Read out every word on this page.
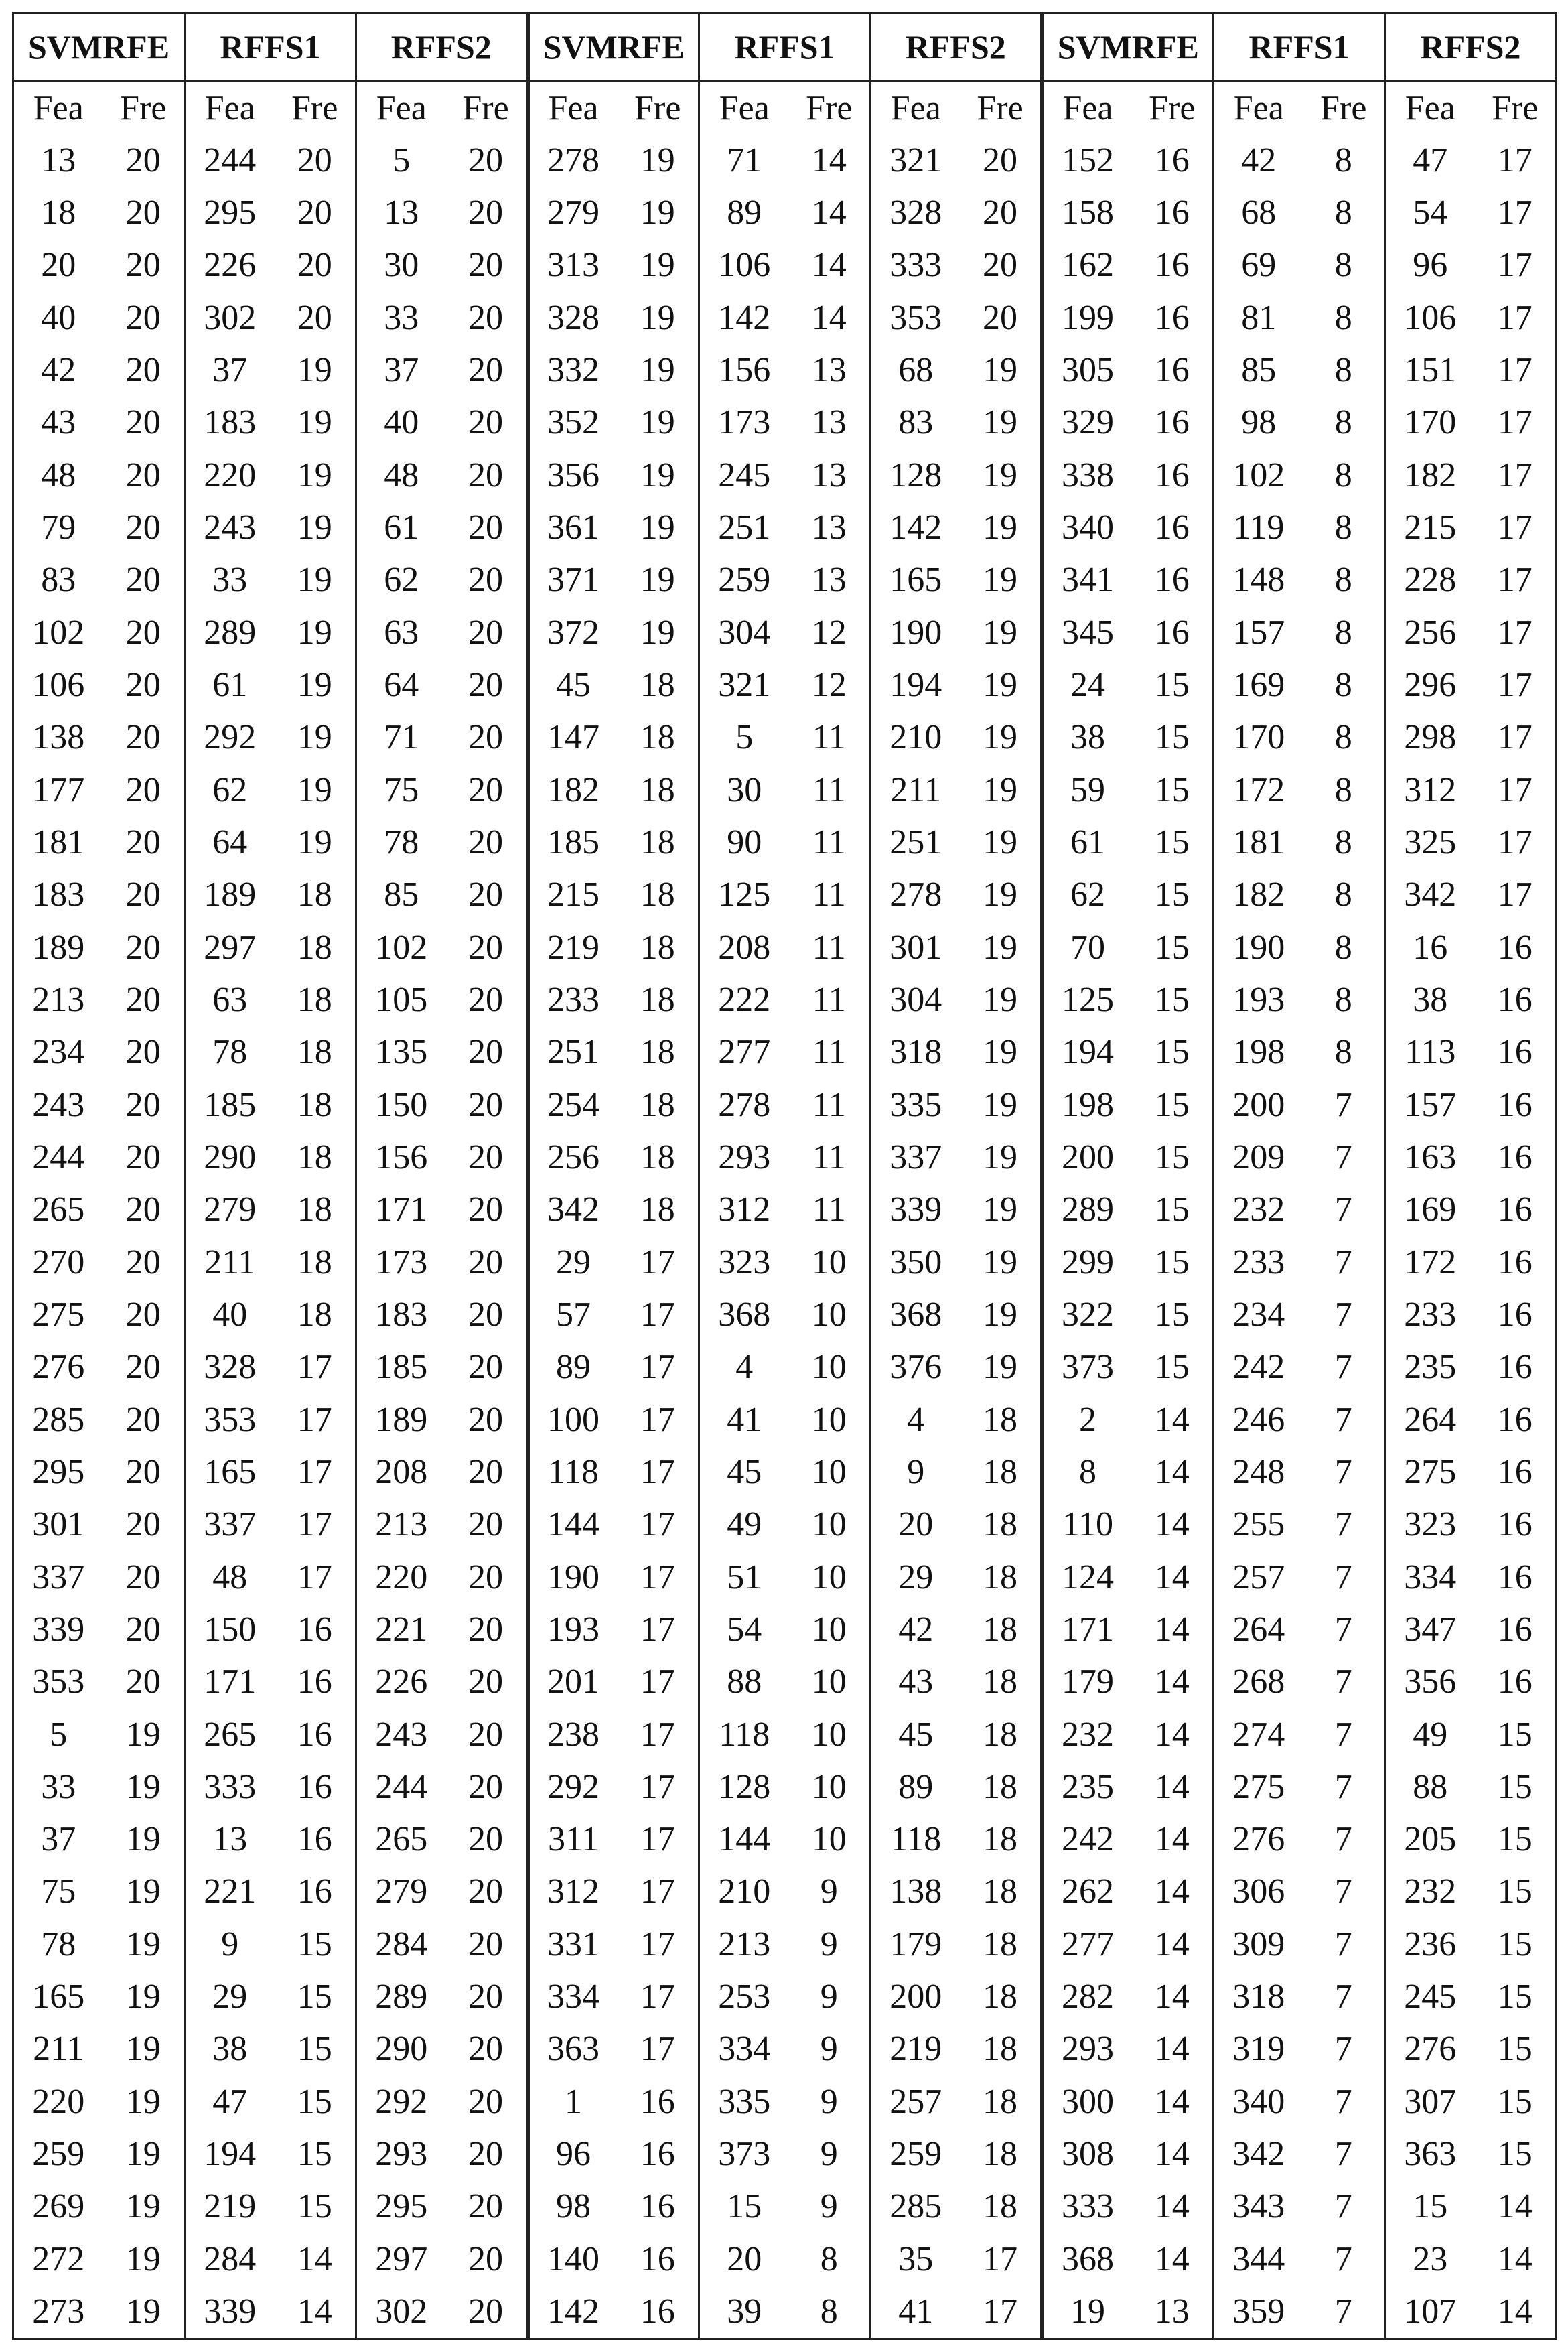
SVMRFE		RFFS1		RFFS2		SVMRFE		RFFS1		RFFS2		SVMRFE		RFFS1		RFFS2	
Fea	Fre	Fea	Fre	Fea	Fre	Fea	Fre	Fea	Fre	Fea	Fre	Fea	Fre	Fea	Fre	Fea	Fre
13	20	244	20	5	20	278	19	71	14	321	20	152	16	42	8	47	17
18	20	295	20	13	20	279	19	89	14	328	20	158	16	68	8	54	17
20	20	226	20	30	20	313	19	106	14	333	20	162	16	69	8	96	17
40	20	302	20	33	20	328	19	142	14	353	20	199	16	81	8	106	17
42	20	37	19	37	20	332	19	156	13	68	19	305	16	85	8	151	17
43	20	183	19	40	20	352	19	173	13	83	19	329	16	98	8	170	17
48	20	220	19	48	20	356	19	245	13	128	19	338	16	102	8	182	17
79	20	243	19	61	20	361	19	251	13	142	19	340	16	119	8	215	17
83	20	33	19	62	20	371	19	259	13	165	19	341	16	148	8	228	17
102	20	289	19	63	20	372	19	304	12	190	19	345	16	157	8	256	17
106	20	61	19	64	20	45	18	321	12	194	19	24	15	169	8	296	17
138	20	292	19	71	20	147	18	5	11	210	19	38	15	170	8	298	17
177	20	62	19	75	20	182	18	30	11	211	19	59	15	172	8	312	17
181	20	64	19	78	20	185	18	90	11	251	19	61	15	181	8	325	17
183	20	189	18	85	20	215	18	125	11	278	19	62	15	182	8	342	17
189	20	297	18	102	20	219	18	208	11	301	19	70	15	190	8	16	16
213	20	63	18	105	20	233	18	222	11	304	19	125	15	193	8	38	16
234	20	78	18	135	20	251	18	277	11	318	19	194	15	198	8	113	16
243	20	185	18	150	20	254	18	278	11	335	19	198	15	200	7	157	16
244	20	290	18	156	20	256	18	293	11	337	19	200	15	209	7	163	16
265	20	279	18	171	20	342	18	312	11	339	19	289	15	232	7	169	16
270	20	211	18	173	20	29	17	323	10	350	19	299	15	233	7	172	16
275	20	40	18	183	20	57	17	368	10	368	19	322	15	234	7	233	16
276	20	328	17	185	20	89	17	4	10	376	19	373	15	242	7	235	16
285	20	353	17	189	20	100	17	41	10	4	18	2	14	246	7	264	16
295	20	165	17	208	20	118	17	45	10	9	18	8	14	248	7	275	16
301	20	337	17	213	20	144	17	49	10	20	18	110	14	255	7	323	16
337	20	48	17	220	20	190	17	51	10	29	18	124	14	257	7	334	16
339	20	150	16	221	20	193	17	54	10	42	18	171	14	264	7	347	16
353	20	171	16	226	20	201	17	88	10	43	18	179	14	268	7	356	16
5	19	265	16	243	20	238	17	118	10	45	18	232	14	274	7	49	15
33	19	333	16	244	20	292	17	128	10	89	18	235	14	275	7	88	15
37	19	13	16	265	20	311	17	144	10	118	18	242	14	276	7	205	15
75	19	221	16	279	20	312	17	210	9	138	18	262	14	306	7	232	15
78	19	9	15	284	20	331	17	213	9	179	18	277	14	309	7	236	15
165	19	29	15	289	20	334	17	253	9	200	18	282	14	318	7	245	15
211	19	38	15	290	20	363	17	334	9	219	18	293	14	319	7	276	15
220	19	47	15	292	20	1	16	335	9	257	18	300	14	340	7	307	15
259	19	194	15	293	20	96	16	373	9	259	18	308	14	342	7	363	15
269	19	219	15	295	20	98	16	15	9	285	18	333	14	343	7	15	14
272	19	284	14	297	20	140	16	20	8	35	17	368	14	344	7	23	14
273	19	339	14	302	20	142	16	39	8	41	17	19	13	359	7	107	14
